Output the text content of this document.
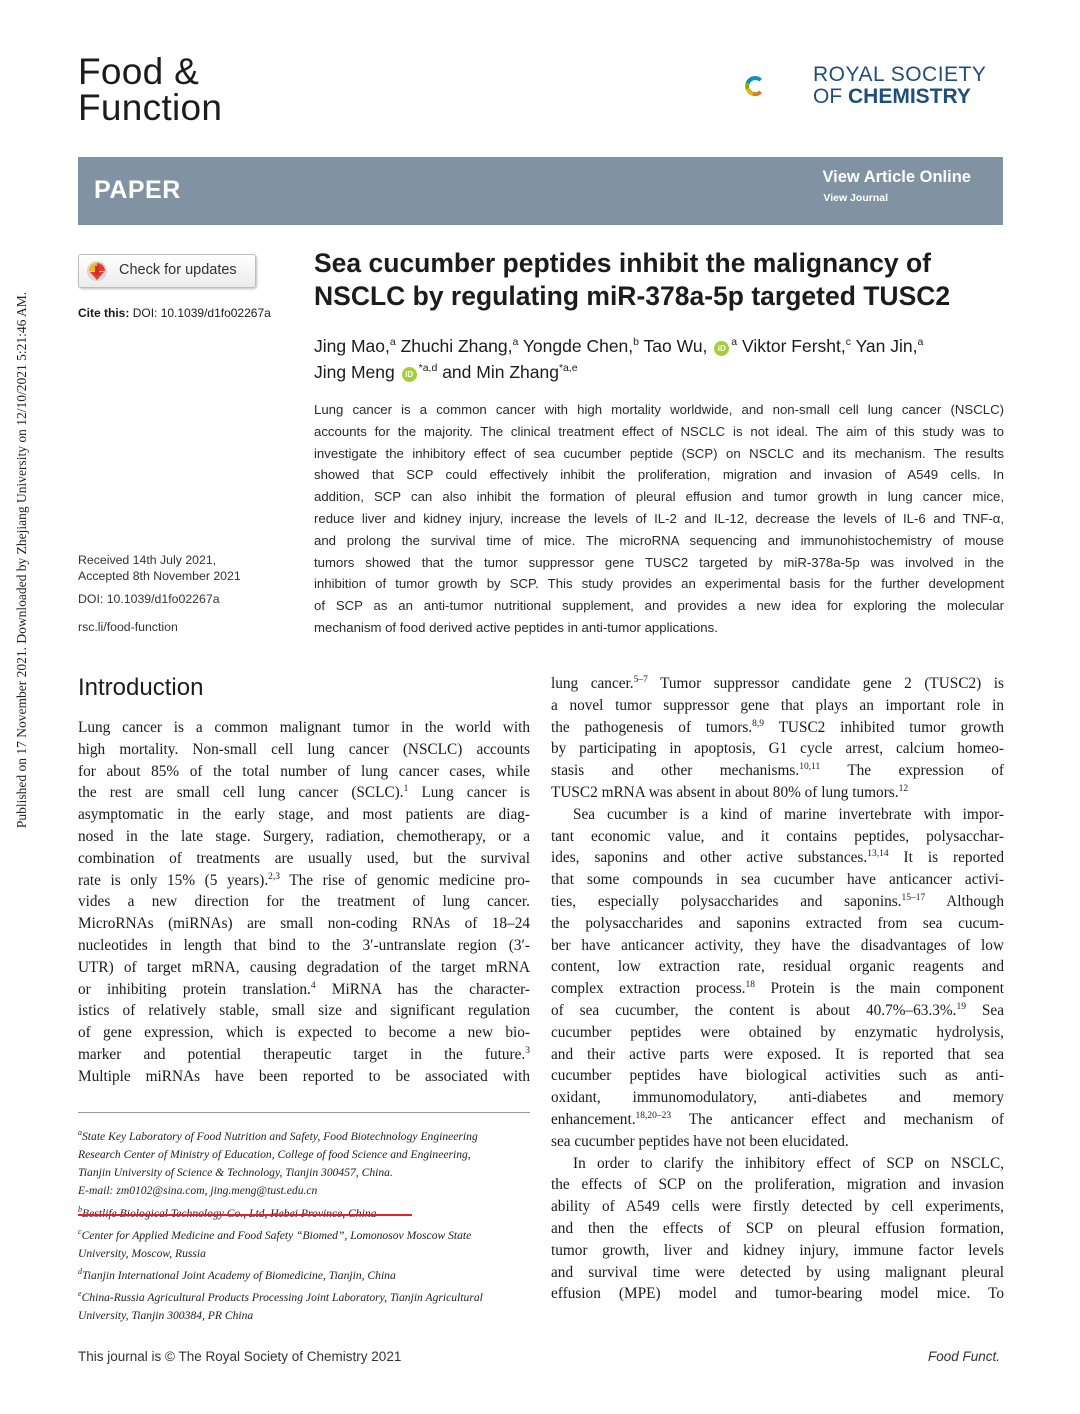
Published on 17 November 2021. Downloaded by Zhejiang University on 12/10/2021 5:21:46 AM.
Food &
Function
ROYAL SOCIETY
OF CHEMISTRY
PAPER	View Article Online
View Journal
Check for updates
Cite this: DOI: 10.1039/d1fo02267a
Sea cucumber peptides inhibit the malignancy of
NSCLC by regulating miR-378a-5p targeted TUSC2
Jing Mao,$^a$ Zhuchi Zhang,$^a$ Yongde Chen,$^b$ Tao Wu, $iD^a$ Viktor Fersht,$^c$ Yan Jin,$^a$
Jing Meng iD$^{*a,d}$ and Min Zhang$^{*a,e}$
Lung cancer is a common cancer with high mortality worldwide, and non-small cell lung cancer (NSCLC)
accounts for the majority. The clinical treatment effect of NSCLC is not ideal. The aim of this study was to
investigate the inhibitory effect of sea cucumber peptide (SCP) on NSCLC and its mechanism. The results
showed that SCP could effectively inhibit the proliferation, migration and invasion of A549 cells. In
addition, SCP can also inhibit the formation of pleural effusion and tumor growth in lung cancer mice,
reduce liver and kidney injury, increase the levels of IL-2 and IL-12, decrease the levels of IL-6 and TNF-α,
and prolong the survival time of mice. The microRNA sequencing and immunohistochemistry of mouse
tumors showed that the tumor suppressor gene TUSC2 targeted by miR-378a-5p was involved in the
inhibition of tumor growth by SCP. This study provides an experimental basis for the further development
of SCP as an anti-tumor nutritional supplement, and provides a new idea for exploring the molecular
mechanism of food derived active peptides in anti-tumor applications.
Received 14th July 2021,
Accepted 8th November 2021
DOI: 10.1039/d1fo02267a
rsc.li/food-function
Introduction
Lung cancer is a common malignant tumor in the world with
high mortality. Non-small cell lung cancer (NSCLC) accounts
for about 85% of the total number of lung cancer cases, while
the rest are small cell lung cancer (SCLC).$^1$ Lung cancer is
asymptomatic in the early stage, and most patients are diag-
nosed in the late stage. Surgery, radiation, chemotherapy, or a
combination of treatments are usually used, but the survival
rate is only 15% (5 years).$^{2,3}$ The rise of genomic medicine pro-
vides a new direction for the treatment of lung cancer.
MicroRNAs (miRNAs) are small non-coding RNAs of 18–24
nucleotides in length that bind to the 3′-untranslate region (3′-
UTR) of target mRNA, causing degradation of the target mRNA
or inhibiting protein translation.$^4$ MiRNA has the character-
istics of relatively stable, small size and significant regulation
of gene expression, which is expected to become a new bio-
marker and potential therapeutic target in the future.$^3$
Multiple miRNAs have been reported to be associated with
lung cancer.$^{5-7}$ Tumor suppressor candidate gene 2 (TUSC2) is
a novel tumor suppressor gene that plays an important role in
the pathogenesis of tumors.$^{8,9}$ TUSC2 inhibited tumor growth
by participating in apoptosis, G1 cycle arrest, calcium homeo-
stasis and other mechanisms.$^{10,11}$ The expression of
TUSC2 mRNA was absent in about 80% of lung tumors.$^{12}$
Sea cucumber is a kind of marine invertebrate with impor-
tant economic value, and it contains peptides, polysacchar-
ides, saponins and other active substances.$^{13,14}$ It is reported
that some compounds in sea cucumber have anticancer activi-
ties, especially polysaccharides and saponins.$^{15-17}$ Although
the polysaccharides and saponins extracted from sea cucum-
ber have anticancer activity, they have the disadvantages of low
content, low extraction rate, residual organic reagents and
complex extraction process.$^{18}$ Protein is the main component
of sea cucumber, the content is about 40.7%–63.3%.$^{19}$ Sea
cucumber peptides were obtained by enzymatic hydrolysis,
and their active parts were exposed. It is reported that sea
cucumber peptides have biological activities such as anti-
oxidant, immunomodulatory, anti-diabetes and memory
enhancement.$^{18,20-23}$ The anticancer effect and mechanism of
sea cucumber peptides have not been elucidated.
In order to clarify the inhibitory effect of SCP on NSCLC,
the effects of SCP on the proliferation, migration and invasion
ability of A549 cells were firstly detected by cell experiments,
and then the effects of SCP on pleural effusion formation,
tumor growth, liver and kidney injury, immune factor levels
and survival time were detected by using malignant pleural
effusion (MPE) model and tumor-bearing model mice. To
$^a$State Key Laboratory of Food Nutrition and Safety, Food Biotechnology Engineering
Research Center of Ministry of Education, College of food Science and Engineering,
Tianjin University of Science & Technology, Tianjin 300457, China.
E-mail: zm0102@sina.com, jing.meng@tust.edu.cn
$^b$
$^c$Center for Applied Medicine and Food Safety “Biomed”, Lomonosov Moscow State
University, Moscow, Russia
$^d$Tianjin International Joint Academy of Biomedicine, Tianjin, China
$^e$China-Russia Agricultural Products Processing Joint Laboratory, Tianjin Agricultural
University, Tianjin 300384, PR China
This journal is © The Royal Society of Chemistry 2021	Food Funct.
